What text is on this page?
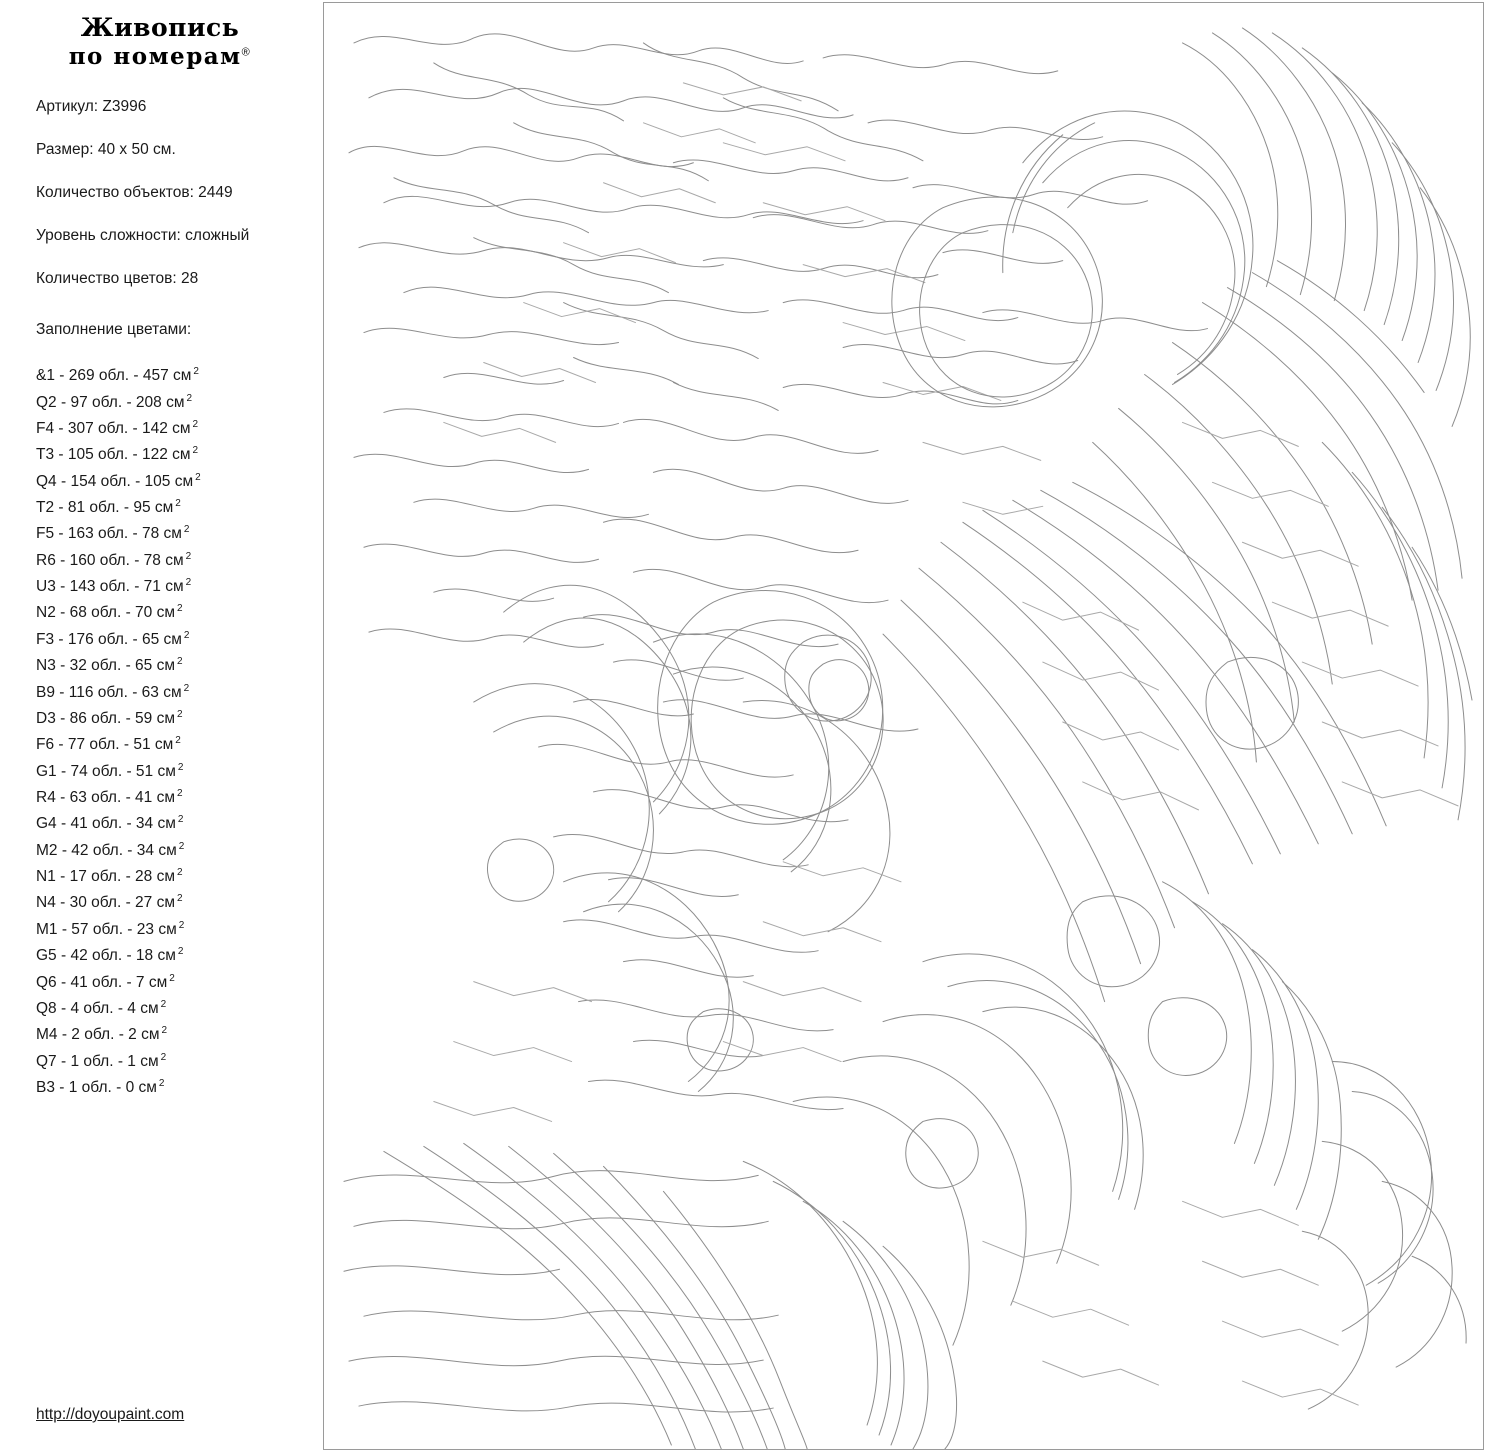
Живопись
по номерам®
Артикул: Z3996
Размер: 40 х 50 см.
Количество объектов: 2449
Уровень сложности: сложный
Количество цветов: 28
Заполнение цветами:
&1 - 269 обл. - 457 см $^2$
Q2 - 97 обл. - 208 см $^2$
F4 - 307 обл. - 142 см $^2$
T3 - 105 обл. - 122 см $^2$
Q4 - 154 обл. - 105 см $^2$
T2 - 81 обл. - 95 см $^2$
F5 - 163 обл. - 78 см $^2$
R6 - 160 обл. - 78 см $^2$
U3 - 143 обл. - 71 см $^2$
N2 - 68 обл. - 70 см $^2$
F3 - 176 обл. - 65 см $^2$
N3 - 32 обл. - 65 см $^2$
B9 - 116 обл. - 63 см $^2$
D3 - 86 обл. - 59 см $^2$
F6 - 77 обл. - 51 см $^2$
G1 - 74 обл. - 51 см $^2$
R4 - 63 обл. - 41 см $^2$
G4 - 41 обл. - 34 см $^2$
M2 - 42 обл. - 34 см $^2$
N1 - 17 обл. - 28 см $^2$
N4 - 30 обл. - 27 см $^2$
M1 - 57 обл. - 23 см $^2$
G5 - 42 обл. - 18 см $^2$
Q6 - 41 обл. - 7 см $^2$
Q8 - 4 обл. - 4 см $^2$
M4 - 2 обл. - 2 см $^2$
Q7 - 1 обл. - 1 см $^2$
B3 - 1 обл. - 0 см $^2$
http://doyoupaint.com
